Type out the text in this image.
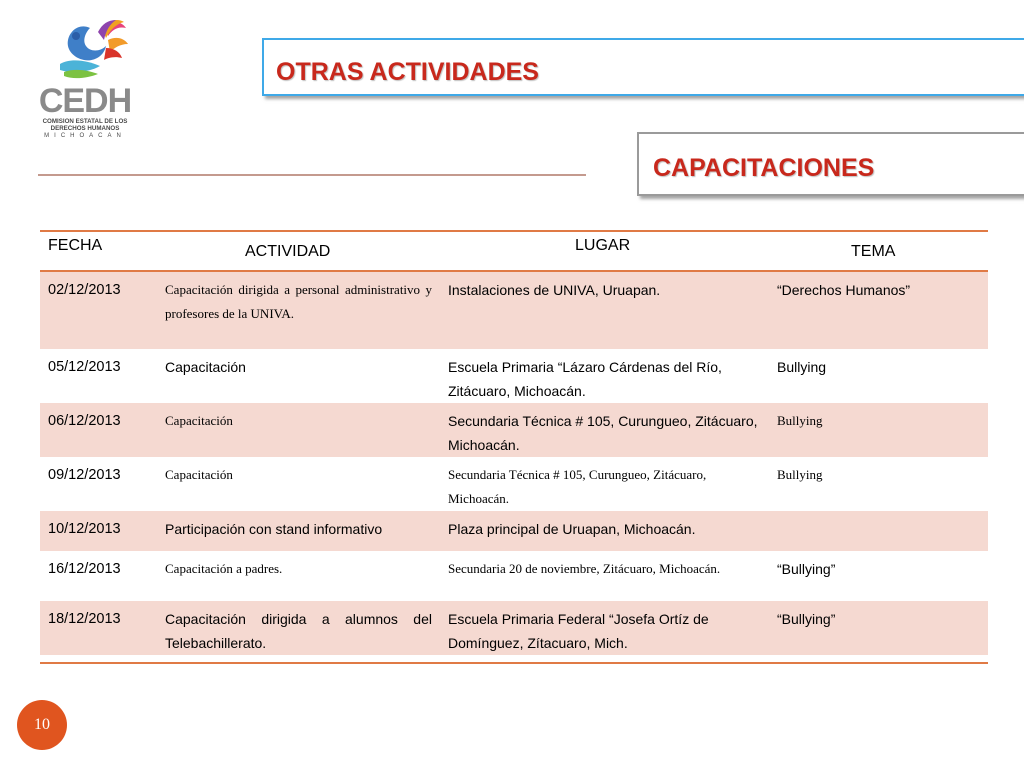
CEDH
COMISION ESTATAL DE LOS
DERECHOS HUMANOS
MICHOACAN
OTRAS ACTIVIDADES
CAPACITACIONES
FECHA	ACTIVIDAD	LUGAR	TEMA

02/12/2013	Capacitación dirigida a personal administrativo y profesores de la UNIVA.	Instalaciones de UNIVA, Uruapan.	“Derechos Humanos”
05/12/2013	Capacitación	Escuela Primaria “Lázaro Cárdenas del Río, Zitácuaro, Michoacán.	Bullying
06/12/2013	Capacitación	Secundaria Técnica # 105, Curungueo, Zitácuaro, Michoacán.	Bullying
09/12/2013	Capacitación	Secundaria Técnica # 105, Curungueo, Zitácuaro, Michoacán.	Bullying
10/12/2013	Participación con stand informativo	Plaza principal de Uruapan, Michoacán.	
16/12/2013	Capacitación a padres.	Secundaria 20 de noviembre, Zitácuaro, Michoacán.	“Bullying”
18/12/2013	Capacitación dirigida a alumnos del Telebachillerato.	Escuela Primaria Federal “Josefa Ortíz de Domínguez, Zítacuaro, Mich.	“Bullying”
10
